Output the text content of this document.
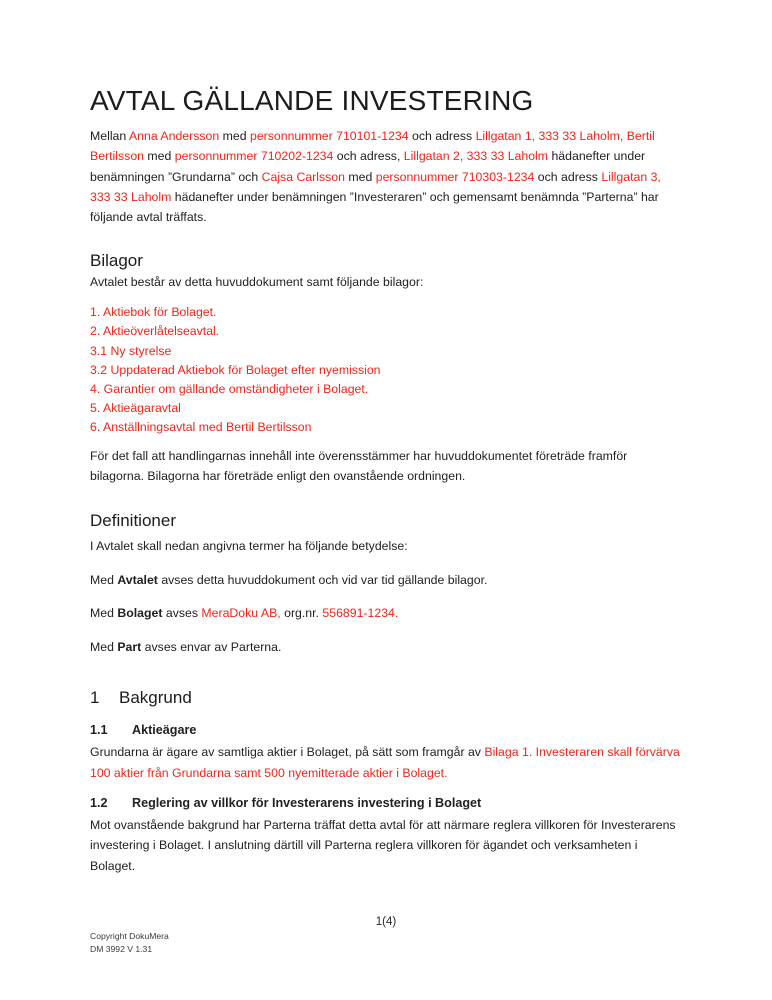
AVTAL GÄLLANDE INVESTERING

Mellan Anna Andersson med personnummer 710101-1234 och adress Lillgatan 1, 333 33 Laholm, Bertil Bertilsson med personnummer 710202-1234 och adress, Lillgatan 2, 333 33 Laholm hädanefter under benämningen ”Grundarna” och Cajsa Carlsson med personnummer 710303-1234 och adress Lillgatan 3, 333 33 Laholm hädanefter under benämningen ”Investeraren” och gemensamt benämnda ”Parterna” har följande avtal träffats.

Bilagor

Avtalet består av detta huvuddokument samt följande bilagor:

1. Aktiebok för Bolaget.
2. Aktieöverlåtelseavtal.
3.1 Ny styrelse
3.2 Uppdaterad Aktiebok för Bolaget efter nyemission
4. Garantier om gällande omständigheter i Bolaget.
5. Aktieägaravtal
6. Anställningsavtal med Bertil Bertilsson

För det fall att handlingarnas innehåll inte överensstämmer har huvuddokumentet företräde framför bilagorna. Bilagorna har företräde enligt den ovanstående ordningen.

Definitioner

I Avtalet skall nedan angivna termer ha följande betydelse:

Med Avtalet avses detta huvuddokument och vid var tid gällande bilagor.

Med Bolaget avses MeraDoku AB, org.nr. 556891-1234.

Med Part avses envar av Parterna.

1	Bakgrund
1.1	Aktieägare

Grundarna är ägare av samtliga aktier i Bolaget, på sätt som framgår av Bilaga 1. Investeraren skall förvärva 100 aktier från Grundarna samt 500 nyemitterade aktier i Bolaget.

1.2	Reglering av villkor för Investerarens investering i Bolaget

Mot ovanstående bakgrund har Parterna träffat detta avtal för att närmare reglera villkoren för Investerarens investering i Bolaget. I anslutning därtill vill Parterna reglera villkoren för ägandet och verksamheten i Bolaget.

1(4)
Copyright DokuMera
DM 3992 V 1.31
